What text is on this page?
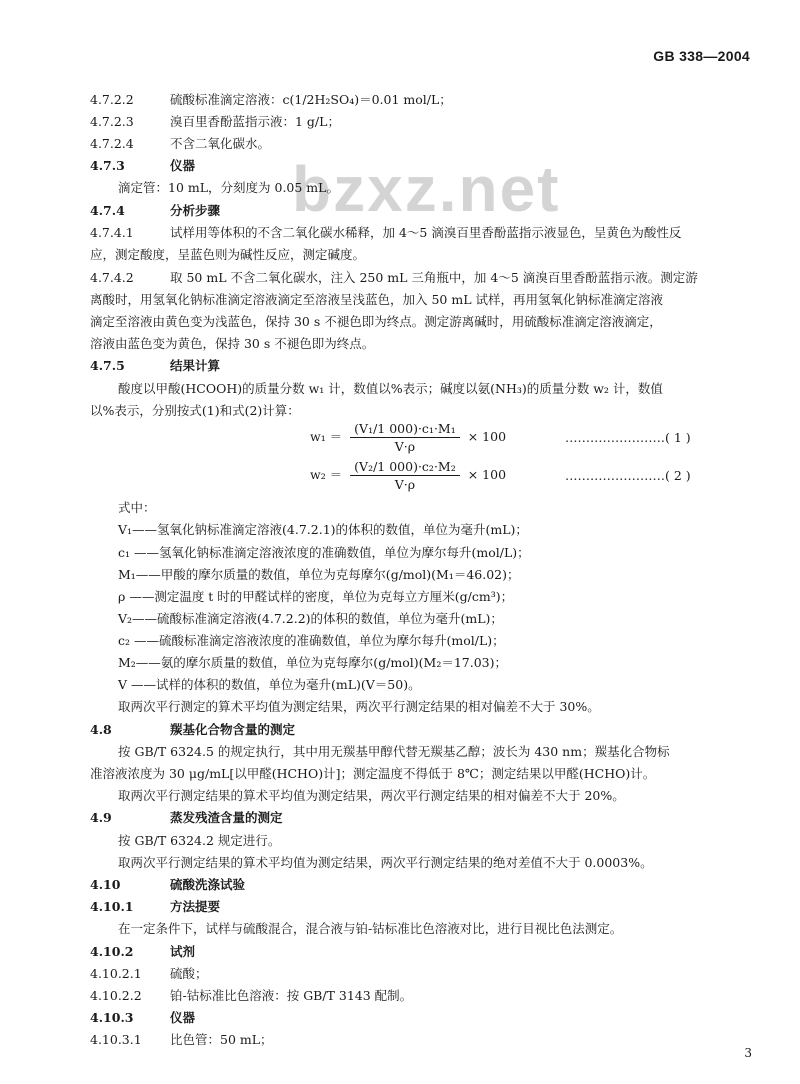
GB 338—2004
bzxz.net
4.7.2.2	硫酸标准滴定溶液：c(1/2H₂SO₄)＝0.01 mol/L；
4.7.2.3	溴百里香酚蓝指示液：1 g/L；
4.7.2.4	不含二氧化碳水。
4.7.3	仪器
滴定管：10 mL，分刻度为 0.05 mL。
4.7.4	分析步骤
4.7.4.1	试样用等体积的不含二氧化碳水稀释，加 4～5 滴溴百里香酚蓝指示液显色，呈黄色为酸性反
应，测定酸度，呈蓝色则为碱性反应，测定碱度。
4.7.4.2	取 50 mL 不含二氧化碳水，注入 250 mL 三角瓶中，加 4～5 滴溴百里香酚蓝指示液。测定游
离酸时，用氢氧化钠标准滴定溶液滴定至溶液呈浅蓝色，加入 50 mL 试样，再用氢氧化钠标准滴定溶液
滴定至溶液由黄色变为浅蓝色，保持 30 s 不褪色即为终点。测定游离碱时，用硫酸标准滴定溶液滴定，
溶液由蓝色变为黄色，保持 30 s 不褪色即为终点。
4.7.5	结果计算
酸度以甲酸(HCOOH)的质量分数 w₁ 计，数值以%表示；碱度以氨(NH₃)的质量分数 w₂ 计，数值
以%表示，分别按式(1)和式(2)计算：
式中：
V₁——氢氧化钠标准滴定溶液(4.7.2.1)的体积的数值，单位为毫升(mL)；
c₁ ——氢氧化钠标准滴定溶液浓度的准确数值，单位为摩尔每升(mol/L)；
M₁——甲酸的摩尔质量的数值，单位为克每摩尔(g/mol)(M₁＝46.02)；
ρ ——测定温度 t 时的甲醛试样的密度，单位为克每立方厘米(g/cm³)；
V₂——硫酸标准滴定溶液(4.7.2.2)的体积的数值，单位为毫升(mL)；
c₂ ——硫酸标准滴定溶液浓度的准确数值，单位为摩尔每升(mol/L)；
M₂——氨的摩尔质量的数值，单位为克每摩尔(g/mol)(M₂＝17.03)；
V ——试样的体积的数值，单位为毫升(mL)(V＝50)。
取两次平行测定的算术平均值为测定结果，两次平行测定结果的相对偏差不大于 30%。
4.8	羰基化合物含量的测定
按 GB/T 6324.5 的规定执行，其中用无羰基甲醇代替无羰基乙醇；波长为 430 nm；羰基化合物标
准溶液浓度为 30 μg/mL[以甲醛(HCHO)计]；测定温度不得低于 8℃；测定结果以甲醛(HCHO)计。
取两次平行测定结果的算术平均值为测定结果，两次平行测定结果的相对偏差不大于 20%。
4.9	蒸发残渣含量的测定
按 GB/T 6324.2 规定进行。
取两次平行测定结果的算术平均值为测定结果，两次平行测定结果的绝对差值不大于 0.0003%。
4.10	硫酸洗涤试验
4.10.1	方法提要
在一定条件下，试样与硫酸混合，混合液与铂-钴标准比色溶液对比，进行目视比色法测定。
4.10.2	试剂
4.10.2.1 硫酸；
4.10.2.2 铂-钴标准比色溶液：按 GB/T 3143 配制。
4.10.3	仪器
4.10.3.1 比色管：50 mL；
$w_1 = \frac{\text{(V₁/1 000)·c₁·M₁}}{V\cdot\rho} \times 100$	……………………( 1 )
$w_2 = \frac{\text{(V₂/1 000)·c₂·M₂}}{V\cdot\rho} \times 100$	……………………( 2 )
3
